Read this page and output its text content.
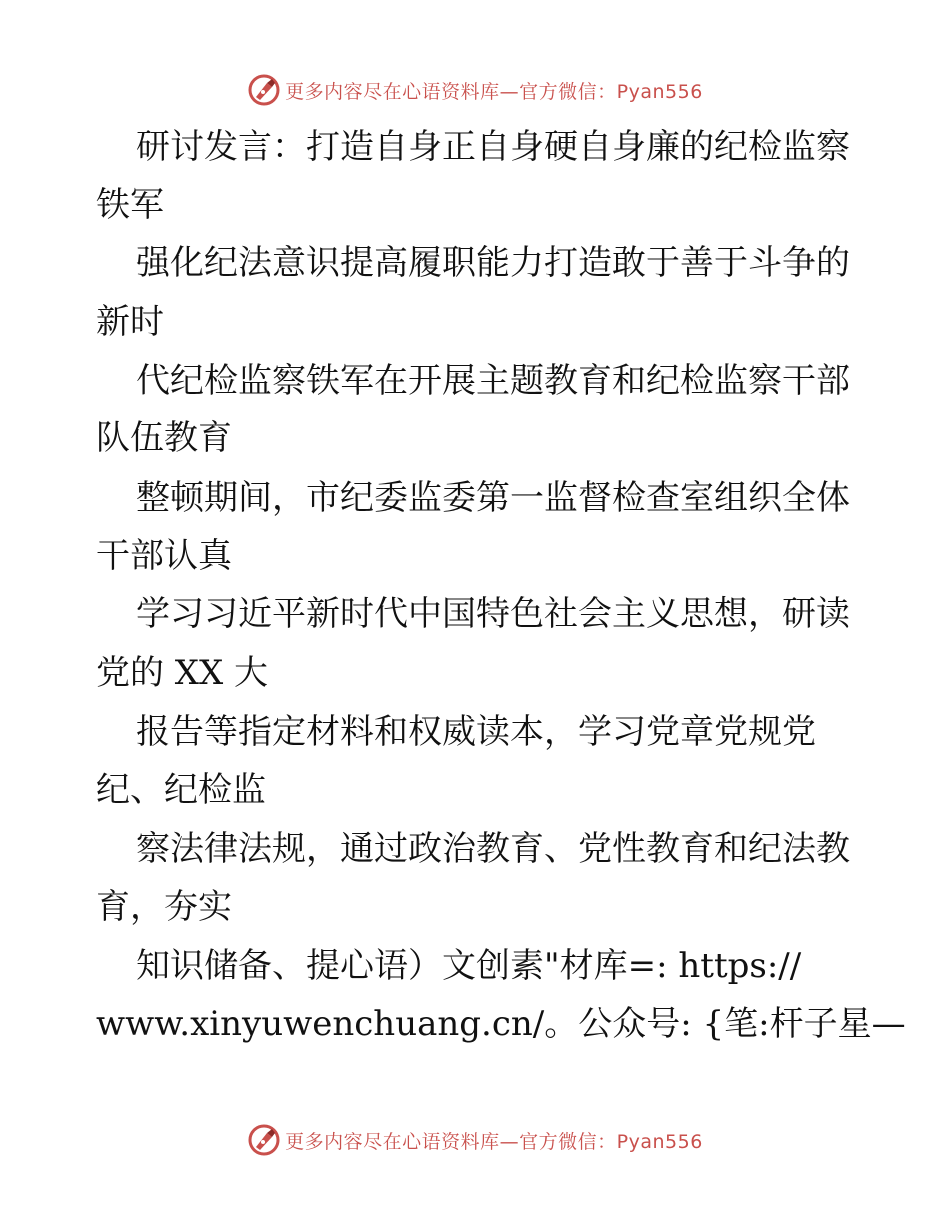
更多内容尽在心语资料库—官方微信：Pyan556
研讨发言：打造自身正自身硬自身廉的纪检监察
铁军
强化纪法意识提高履职能力打造敢于善于斗争的
新时
代纪检监察铁军在开展主题教育和纪检监察干部
队伍教育
整顿期间，市纪委监委第一监督检查室组织全体
干部认真
学习习近平新时代中国特色社会主义思想，研读
党的 XX 大
报告等指定材料和权威读本，学习党章党规党
纪、纪检监
察法律法规，通过政治教育、党性教育和纪法教
育，夯实
知识储备、提心语）文创素"材库=: https://
www.xinyuwenchuang.cn/。公众号: {笔:杆子星—
更多内容尽在心语资料库—官方微信：Pyan556
